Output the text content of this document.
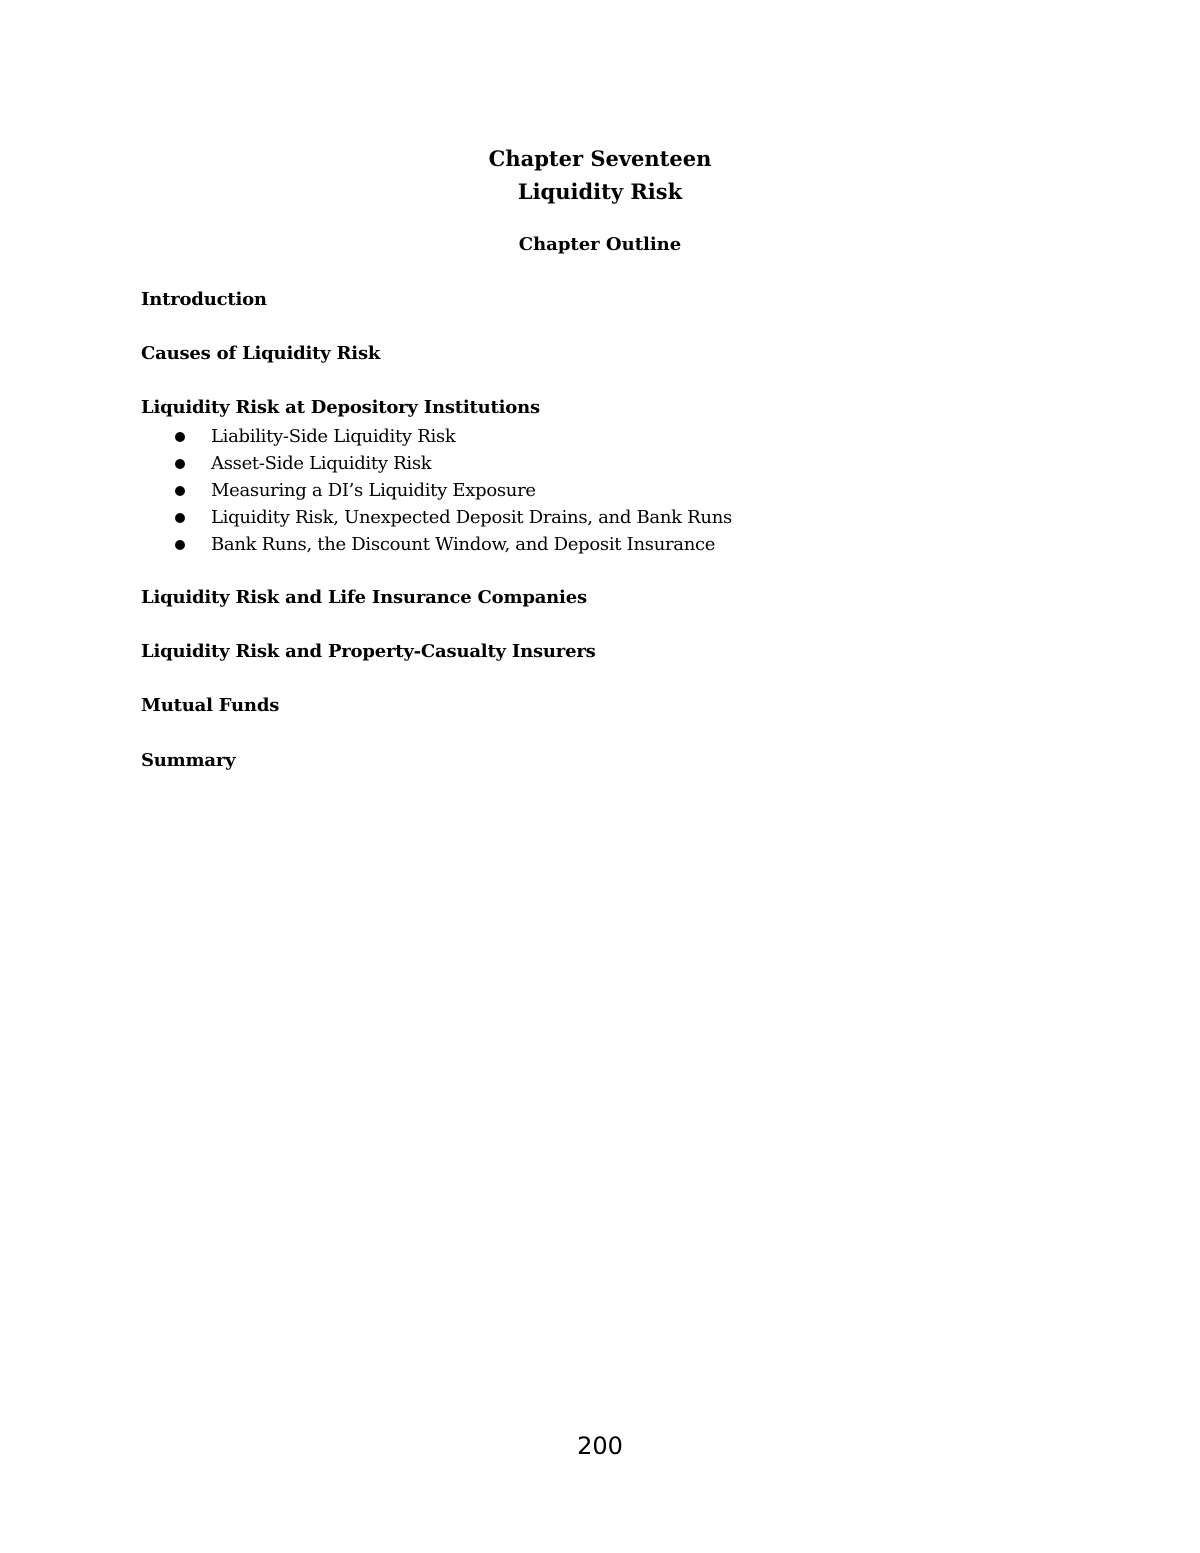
Chapter Seventeen
Liquidity Risk
Chapter Outline
Introduction
Causes of Liquidity Risk
Liquidity Risk at Depository Institutions
Liability-Side Liquidity Risk
Asset-Side Liquidity Risk
Measuring a DI’s Liquidity Exposure
Liquidity Risk, Unexpected Deposit Drains, and Bank Runs
Bank Runs, the Discount Window, and Deposit Insurance
Liquidity Risk and Life Insurance Companies
Liquidity Risk and Property-Casualty Insurers
Mutual Funds
Summary
200
